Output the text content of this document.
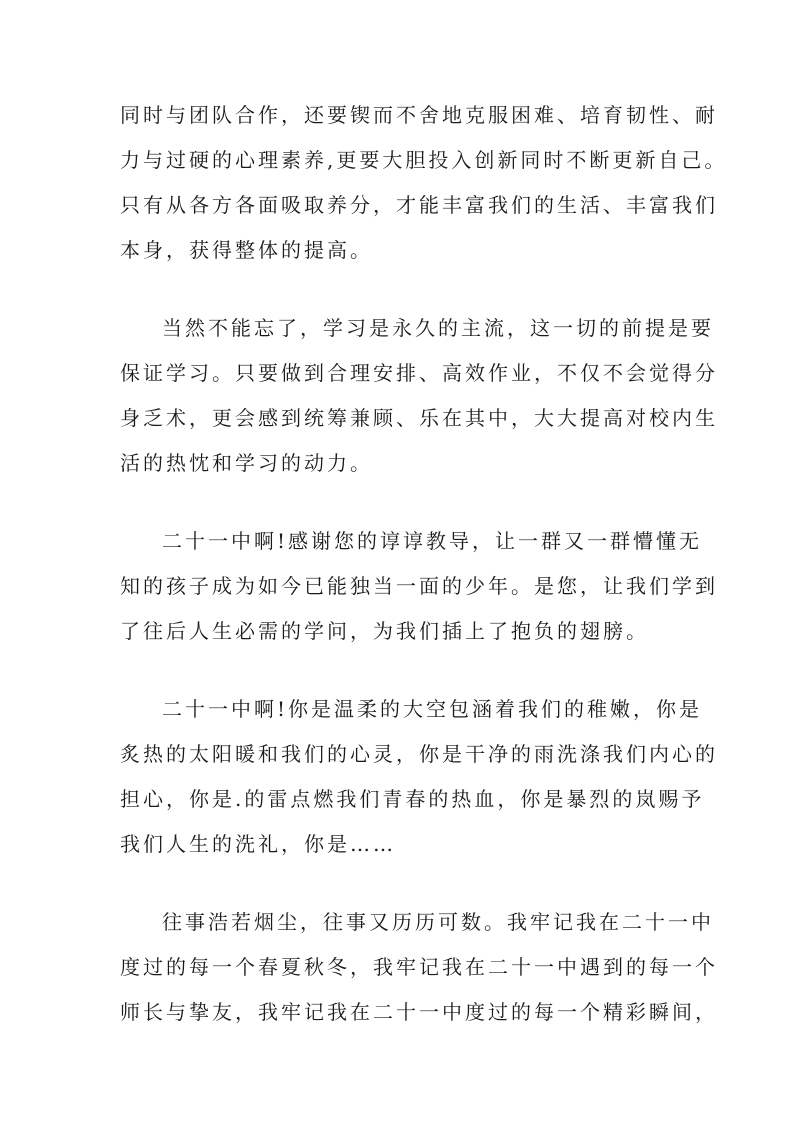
同时与团队合作，还要锲而不舍地克服困难、培育韧性、耐
力与过硬的心理素养,更要大胆投入创新同时不断更新自己。
只有从各方各面吸取养分，才能丰富我们的生活、丰富我们
本身，获得整体的提高。
当然不能忘了，学习是永久的主流，这一切的前提是要
保证学习。只要做到合理安排、高效作业，不仅不会觉得分
身乏术，更会感到统筹兼顾、乐在其中，大大提高对校内生
活的热忱和学习的动力。
二十一中啊!感谢您的谆谆教导，让一群又一群懵懂无
知的孩子成为如今已能独当一面的少年。是您，让我们学到
了往后人生必需的学问，为我们插上了抱负的翅膀。
二十一中啊!你是温柔的大空包涵着我们的稚嫩，你是
炙热的太阳暖和我们的心灵，你是干净的雨洗涤我们内心的
担心，你是.的雷点燃我们青春的热血，你是暴烈的岚赐予
我们人生的洗礼，你是……
往事浩若烟尘，往事又历历可数。我牢记我在二十一中
度过的每一个春夏秋冬，我牢记我在二十一中遇到的每一个
师长与挚友，我牢记我在二十一中度过的每一个精彩瞬间，
